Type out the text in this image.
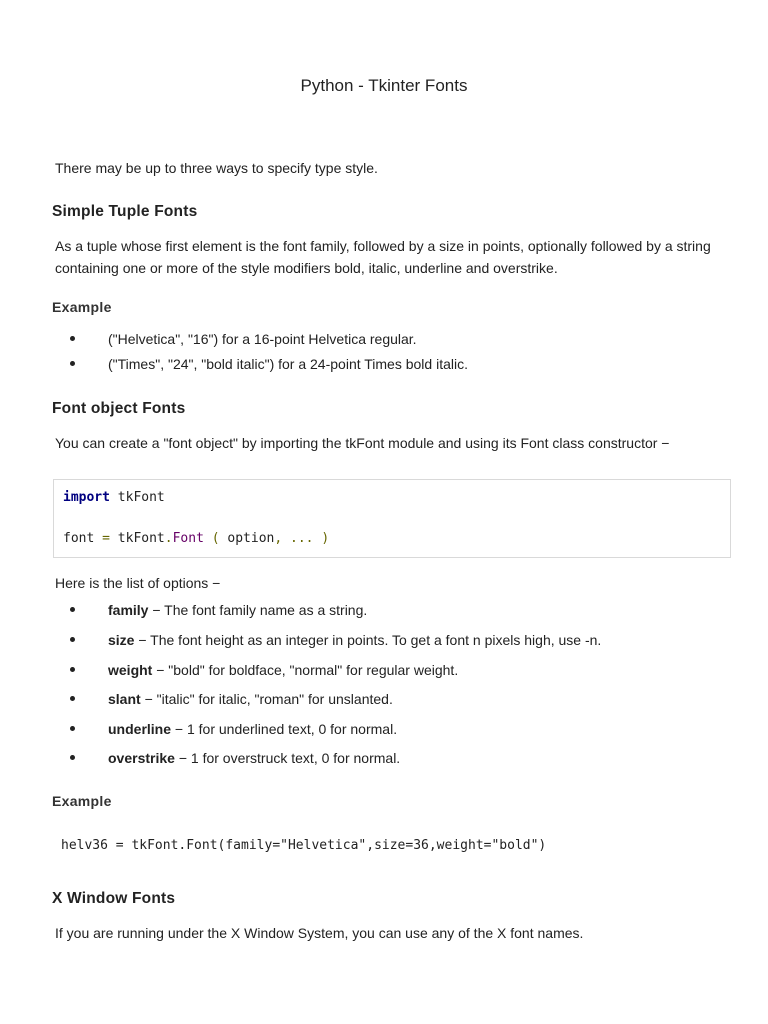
Python - Tkinter Fonts
There may be up to three ways to specify type style.
Simple Tuple Fonts
As a tuple whose first element is the font family, followed by a size in points, optionally followed by a string containing one or more of the style modifiers bold, italic, underline and overstrike.
Example
("Helvetica", "16") for a 16-point Helvetica regular.
("Times", "24", "bold italic") for a 24-point Times bold italic.
Font object Fonts
You can create a "font object" by importing the tkFont module and using its Font class constructor −
import tkFont
font = tkFont.Font ( option, ... )
Here is the list of options −
family − The font family name as a string.
size − The font height as an integer in points. To get a font n pixels high, use -n.
weight − "bold" for boldface, "normal" for regular weight.
slant − "italic" for italic, "roman" for unslanted.
underline − 1 for underlined text, 0 for normal.
overstrike − 1 for overstruck text, 0 for normal.
Example
helv36 = tkFont.Font(family="Helvetica",size=36,weight="bold")
X Window Fonts
If you are running under the X Window System, you can use any of the X font names.
